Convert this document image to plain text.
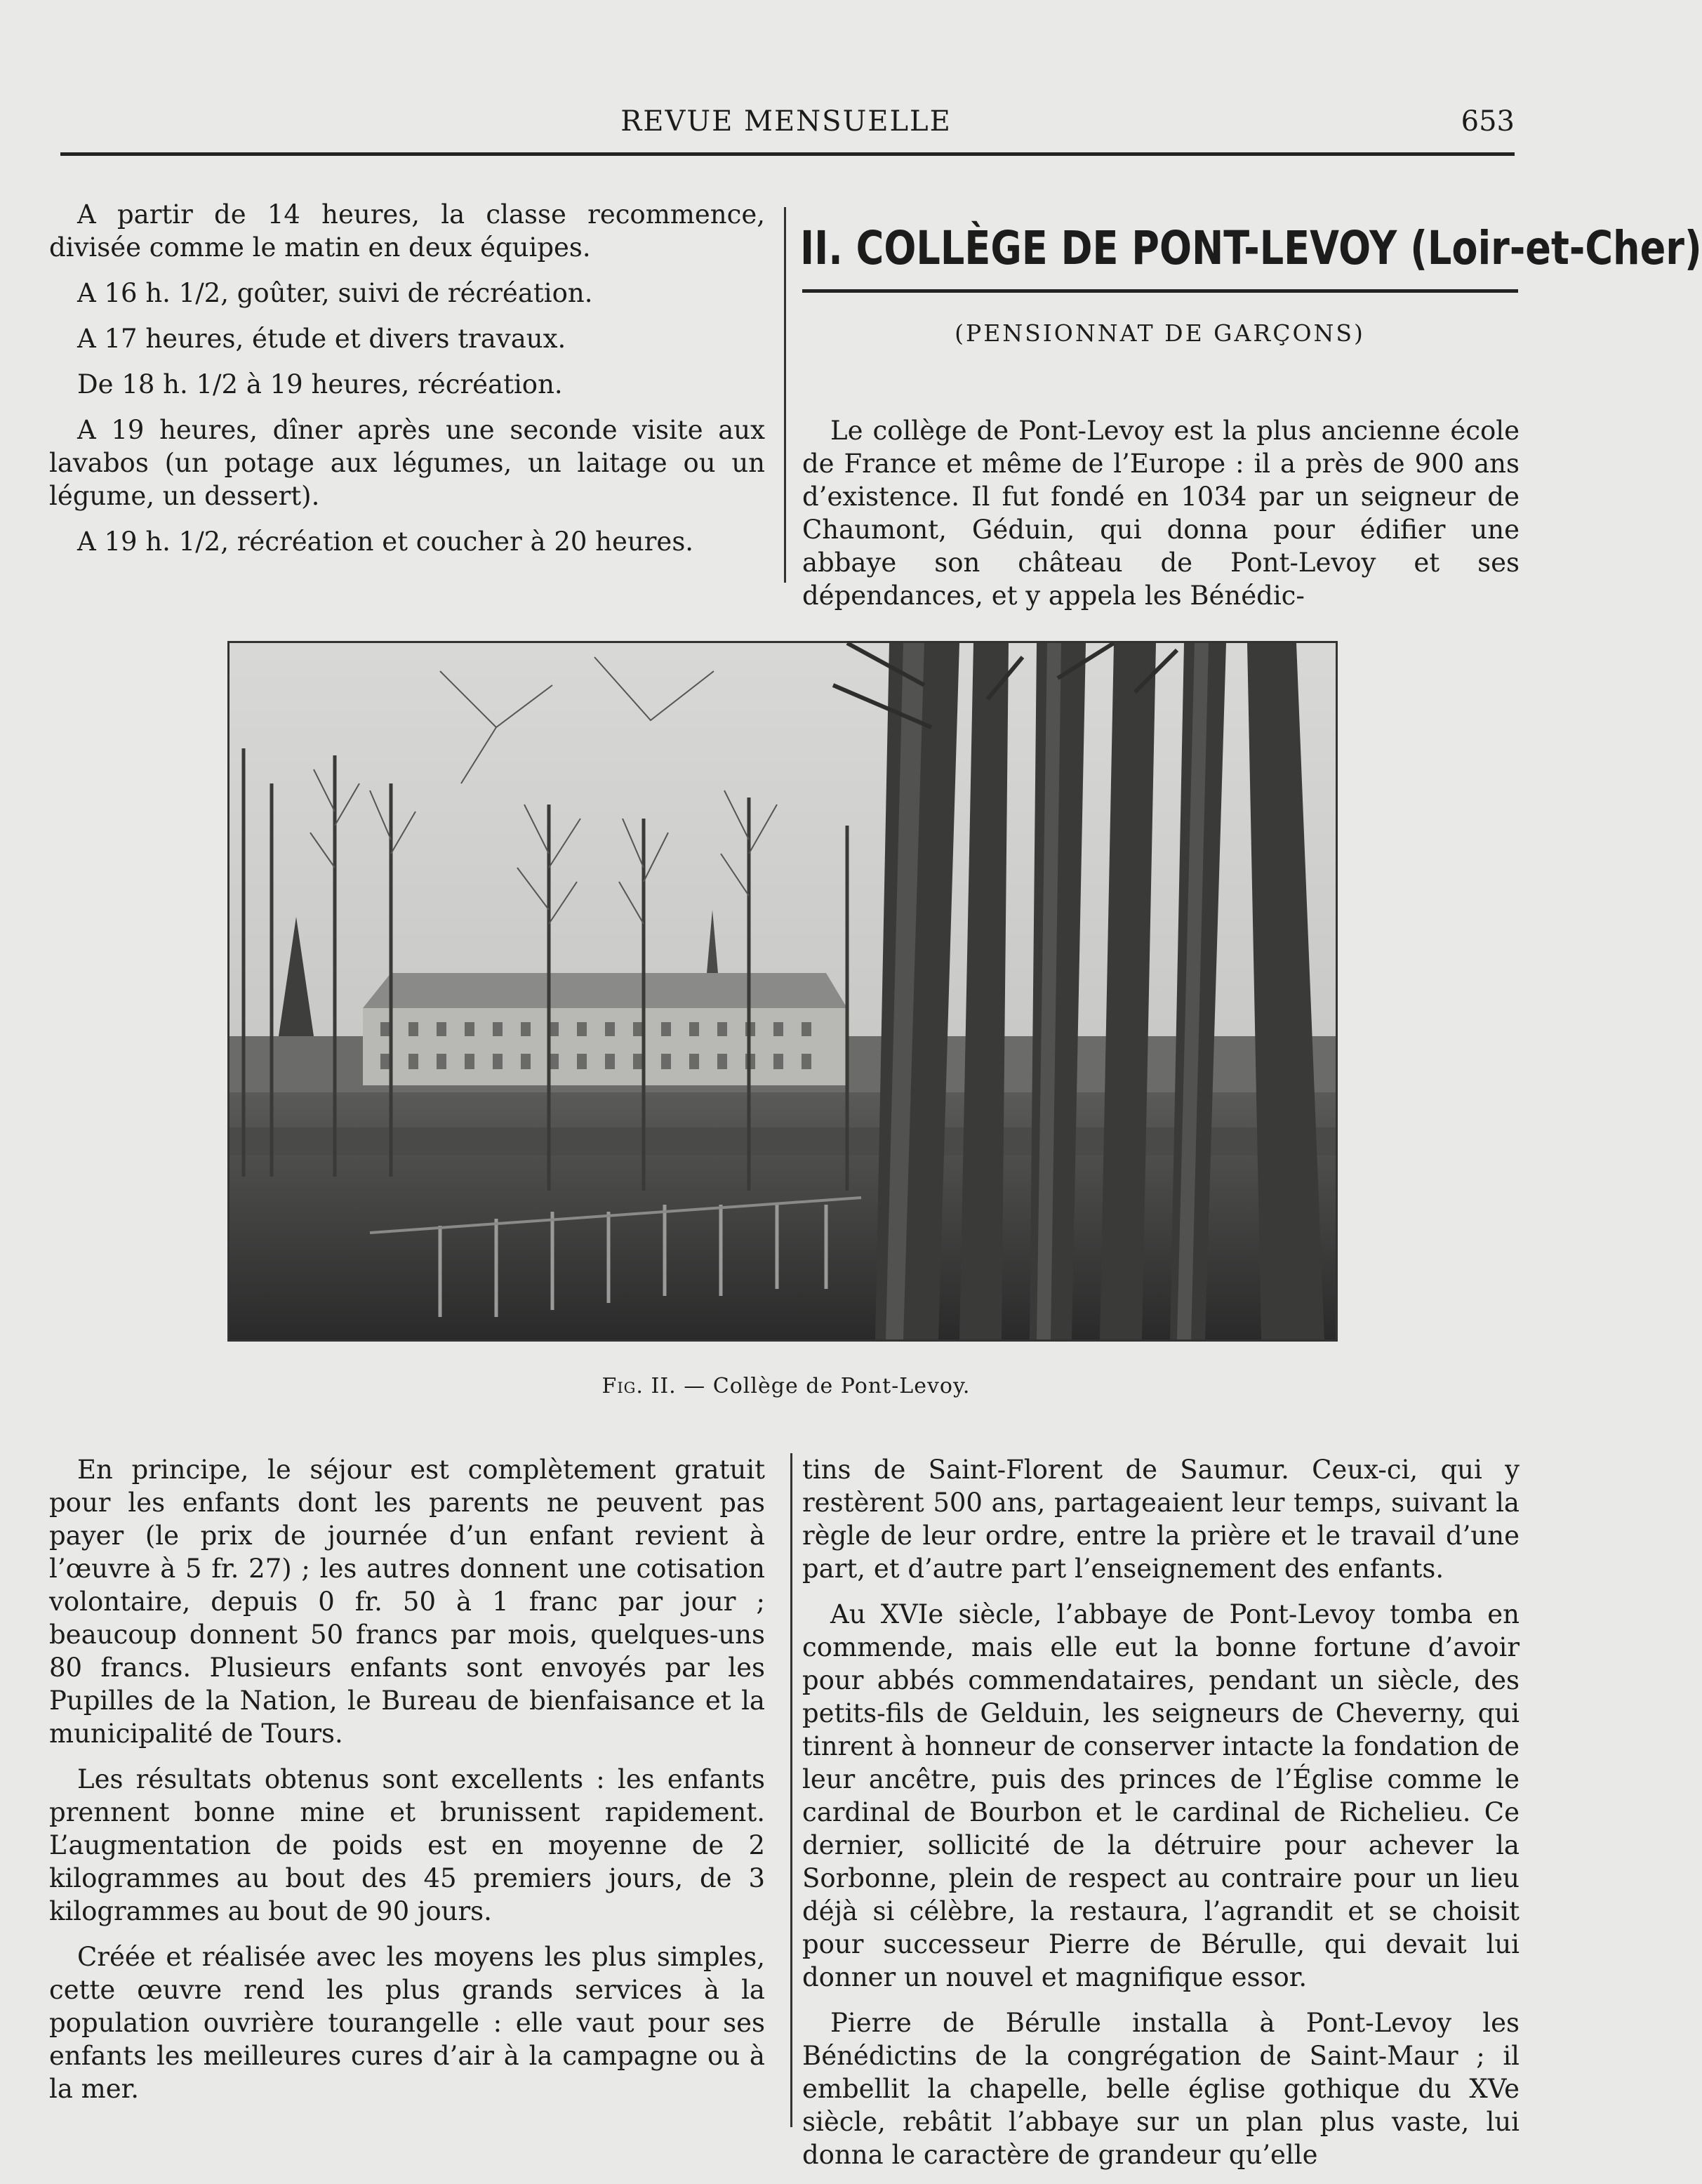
REVUE MENSUELLE	653

A partir de 14 heures, la classe recommence, divisée comme le matin en deux équipes.

A 16 h. 1/2, goûter, suivi de récréation.

A 17 heures, étude et divers travaux.

De 18 h. 1/2 à 19 heures, récréation.

A 19 heures, dîner après une seconde visite aux lavabos (un potage aux légumes, un laitage ou un légume, un dessert).

A 19 h. 1/2, récréation et coucher à 20 heures.

II. COLLÈGE DE PONT-LEVOY (Loir-et-Cher)
(PENSIONNAT DE GARÇONS)

Le collège de Pont-Levoy est la plus ancienne école de France et même de l’Europe : il a près de 900 ans d’existence. Il fut fondé en 1034 par un seigneur de Chaumont, Géduin, qui donna pour édifier une abbaye son château de Pont-Levoy et ses dépendances, et y appela les Bénédic-

Fig. II. — Collège de Pont-Levoy.

En principe, le séjour est complètement gratuit pour les enfants dont les parents ne peuvent pas payer (le prix de journée d’un enfant revient à l’œuvre à 5 fr. 27) ; les autres donnent une cotisation volontaire, depuis 0 fr. 50 à 1 franc par jour ; beaucoup donnent 50 francs par mois, quelques-uns 80 francs. Plusieurs enfants sont envoyés par les Pupilles de la Nation, le Bureau de bienfaisance et la municipalité de Tours.

Les résultats obtenus sont excellents : les enfants prennent bonne mine et brunissent rapidement. L’augmentation de poids est en moyenne de 2 kilogrammes au bout des 45 premiers jours, de 3 kilogrammes au bout de 90 jours.

Créée et réalisée avec les moyens les plus simples, cette œuvre rend les plus grands services à la population ouvrière tourangelle : elle vaut pour ses enfants les meilleures cures d’air à la campagne ou à la mer.

tins de Saint-Florent de Saumur. Ceux-ci, qui y restèrent 500 ans, partageaient leur temps, suivant la règle de leur ordre, entre la prière et le travail d’une part, et d’autre part l’enseignement des enfants.

Au XVIe siècle, l’abbaye de Pont-Levoy tomba en commende, mais elle eut la bonne fortune d’avoir pour abbés commendataires, pendant un siècle, des petits-fils de Gelduin, les seigneurs de Cheverny, qui tinrent à honneur de conserver intacte la fondation de leur ancêtre, puis des princes de l’Église comme le cardinal de Bourbon et le cardinal de Richelieu. Ce dernier, sollicité de la détruire pour achever la Sorbonne, plein de respect au contraire pour un lieu déjà si célèbre, la restaura, l’agrandit et se choisit pour successeur Pierre de Bérulle, qui devait lui donner un nouvel et magnifique essor.

Pierre de Bérulle installa à Pont-Levoy les Bénédictins de la congrégation de Saint-Maur ; il embellit la chapelle, belle église gothique du XVe siècle, rebâtit l’abbaye sur un plan plus vaste, lui donna le caractère de grandeur qu’elle
